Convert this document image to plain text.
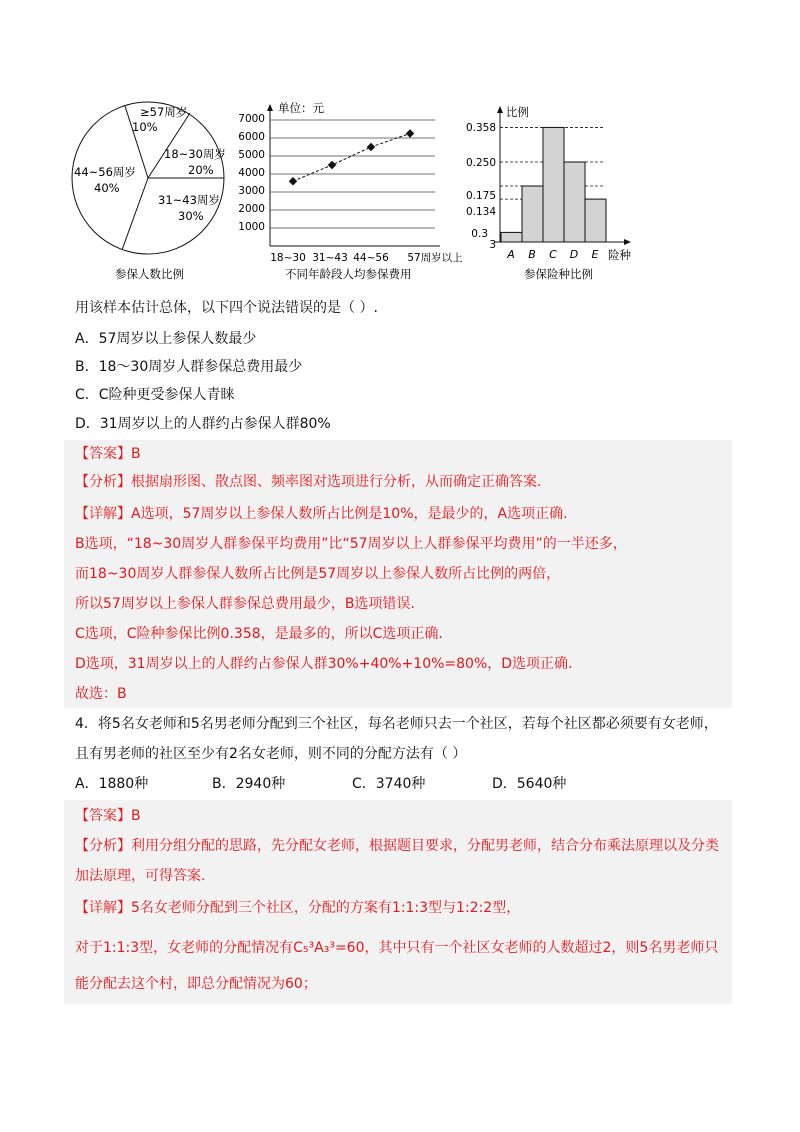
≥57周岁
10%
18~30周岁
20%
31~43周岁
30%
44~56周岁
40%
参保人数比例
单位：元
1000
2000
3000
4000
5000
6000
7000
18~30 31~43 44~56 57周岁以上
不同年龄段人均参保费用
比例
险种
0.358
0.250
0.175
0.134
0.3
3
A B C D E
参保险种比例
用该样本估计总体，以下四个说法错误的是（ ）.
A．57周岁以上参保人数最少
B．18～30周岁人群参保总费用最少
C．C险种更受参保人青睐
D．31周岁以上的人群约占参保人群80%
【答案】B
【分析】根据扇形图、散点图、频率图对选项进行分析，从而确定正确答案.
【详解】A选项，57周岁以上参保人数所占比例是10%，是最少的，A选项正确.
B选项，“18~30周岁人群参保平均费用”比“57周岁以上人群参保平均费用”的一半还多，
而18~30周岁人群参保人数所占比例是57周岁以上参保人数所占比例的两倍，
所以57周岁以上参保人群参保总费用最少，B选项错误.
C选项，C险种参保比例0.358，是最多的，所以C选项正确.
D选项，31周岁以上的人群约占参保人群30%+40%+10%=80%，D选项正确.
故选：B
4．将5名女老师和5名男老师分配到三个社区，每名老师只去一个社区，若每个社区都必须要有女老师，
且有男老师的社区至少有2名女老师，则不同的分配方法有（ ）
A．1880种	B．2940种	C．3740种	D．5640种
【答案】B
【分析】利用分组分配的思路，先分配女老师，根据题目要求，分配男老师，结合分布乘法原理以及分类
加法原理，可得答案.
【详解】5名女老师分配到三个社区，分配的方案有1:1:3型与1:2:2型，
对于1:1:3型，女老师的分配情况有C₅³A₃³=60，其中只有一个社区女老师的人数超过2，则5名男老师只
能分配去这个村，即总分配情况为60；
